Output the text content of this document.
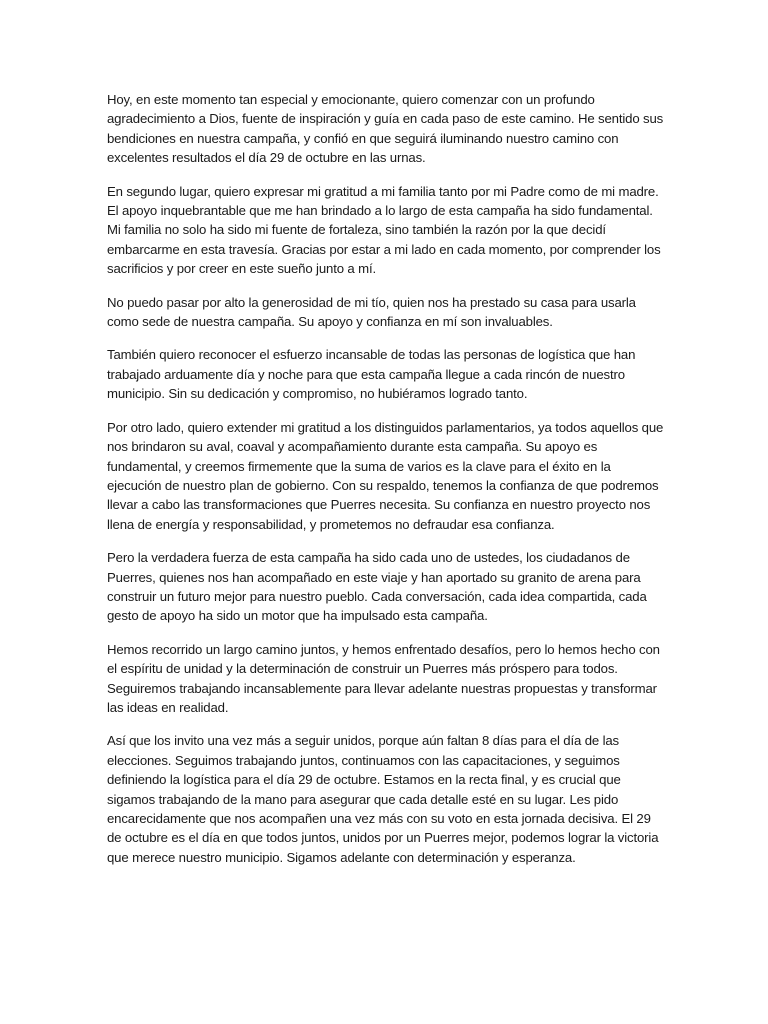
Hoy, en este momento tan especial y emocionante, quiero comenzar con un profundo agradecimiento a Dios, fuente de inspiración y guía en cada paso de este camino. He sentido sus bendiciones en nuestra campaña, y confió en que seguirá iluminando nuestro camino con excelentes resultados el día 29 de octubre en las urnas.

En segundo lugar, quiero expresar mi gratitud a mi familia tanto por mi Padre como de mi madre. El apoyo inquebrantable que me han brindado a lo largo de esta campaña ha sido fundamental. Mi familia no solo ha sido mi fuente de fortaleza, sino también la razón por la que decidí embarcarme en esta travesía. Gracias por estar a mi lado en cada momento, por comprender los sacrificios y por creer en este sueño junto a mí.

No puedo pasar por alto la generosidad de mi tío, quien nos ha prestado su casa para usarla como sede de nuestra campaña. Su apoyo y confianza en mí son invaluables.

También quiero reconocer el esfuerzo incansable de todas las personas de logística que han trabajado arduamente día y noche para que esta campaña llegue a cada rincón de nuestro municipio. Sin su dedicación y compromiso, no hubiéramos logrado tanto.

Por otro lado, quiero extender mi gratitud a los distinguidos parlamentarios, ya todos aquellos que nos brindaron su aval, coaval y acompañamiento durante esta campaña. Su apoyo es fundamental, y creemos firmemente que la suma de varios es la clave para el éxito en la ejecución de nuestro plan de gobierno. Con su respaldo, tenemos la confianza de que podremos llevar a cabo las transformaciones que Puerres necesita. Su confianza en nuestro proyecto nos llena de energía y responsabilidad, y prometemos no defraudar esa confianza.

Pero la verdadera fuerza de esta campaña ha sido cada uno de ustedes, los ciudadanos de Puerres, quienes nos han acompañado en este viaje y han aportado su granito de arena para construir un futuro mejor para nuestro pueblo. Cada conversación, cada idea compartida, cada gesto de apoyo ha sido un motor que ha impulsado esta campaña.

Hemos recorrido un largo camino juntos, y hemos enfrentado desafíos, pero lo hemos hecho con el espíritu de unidad y la determinación de construir un Puerres más próspero para todos. Seguiremos trabajando incansablemente para llevar adelante nuestras propuestas y transformar las ideas en realidad.

Así que los invito una vez más a seguir unidos, porque aún faltan 8 días para el día de las elecciones. Seguimos trabajando juntos, continuamos con las capacitaciones, y seguimos definiendo la logística para el día 29 de octubre. Estamos en la recta final, y es crucial que sigamos trabajando de la mano para asegurar que cada detalle esté en su lugar. Les pido encarecidamente que nos acompañen una vez más con su voto en esta jornada decisiva. El 29 de octubre es el día en que todos juntos, unidos por un Puerres mejor, podemos lograr la victoria que merece nuestro municipio. Sigamos adelante con determinación y esperanza.
